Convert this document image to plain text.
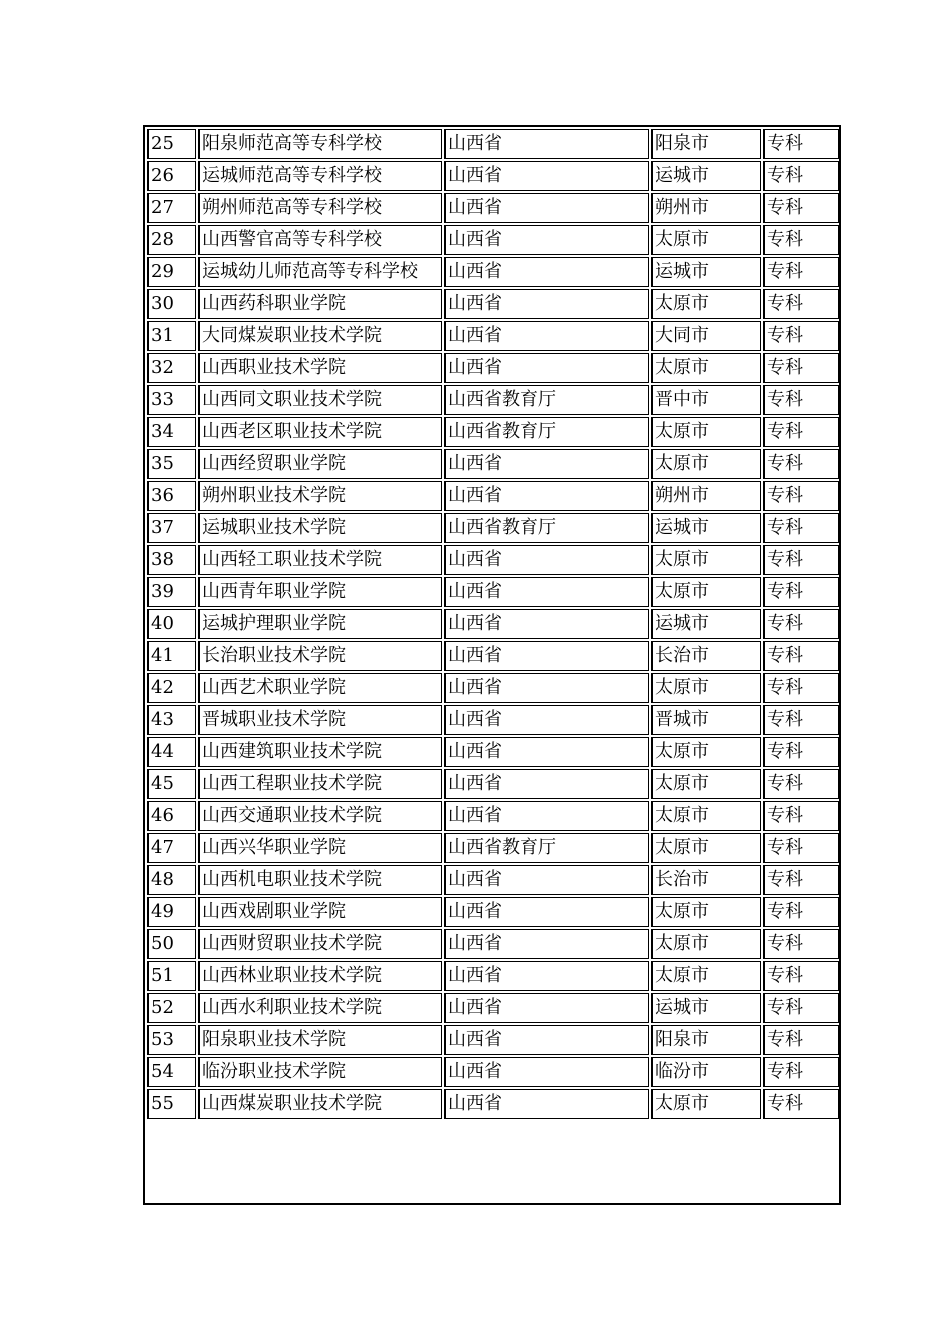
25	阳泉师范高等专科学校	山西省	阳泉市	专科
26	运城师范高等专科学校	山西省	运城市	专科
27	朔州师范高等专科学校	山西省	朔州市	专科
28	山西警官高等专科学校	山西省	太原市	专科
29	运城幼儿师范高等专科学校	山西省	运城市	专科
30	山西药科职业学院	山西省	太原市	专科
31	大同煤炭职业技术学院	山西省	大同市	专科
32	山西职业技术学院	山西省	太原市	专科
33	山西同文职业技术学院	山西省教育厅	晋中市	专科
34	山西老区职业技术学院	山西省教育厅	太原市	专科
35	山西经贸职业学院	山西省	太原市	专科
36	朔州职业技术学院	山西省	朔州市	专科
37	运城职业技术学院	山西省教育厅	运城市	专科
38	山西轻工职业技术学院	山西省	太原市	专科
39	山西青年职业学院	山西省	太原市	专科
40	运城护理职业学院	山西省	运城市	专科
41	长治职业技术学院	山西省	长治市	专科
42	山西艺术职业学院	山西省	太原市	专科
43	晋城职业技术学院	山西省	晋城市	专科
44	山西建筑职业技术学院	山西省	太原市	专科
45	山西工程职业技术学院	山西省	太原市	专科
46	山西交通职业技术学院	山西省	太原市	专科
47	山西兴华职业学院	山西省教育厅	太原市	专科
48	山西机电职业技术学院	山西省	长治市	专科
49	山西戏剧职业学院	山西省	太原市	专科
50	山西财贸职业技术学院	山西省	太原市	专科
51	山西林业职业技术学院	山西省	太原市	专科
52	山西水利职业技术学院	山西省	运城市	专科
53	阳泉职业技术学院	山西省	阳泉市	专科
54	临汾职业技术学院	山西省	临汾市	专科
55	山西煤炭职业技术学院	山西省	太原市	专科
